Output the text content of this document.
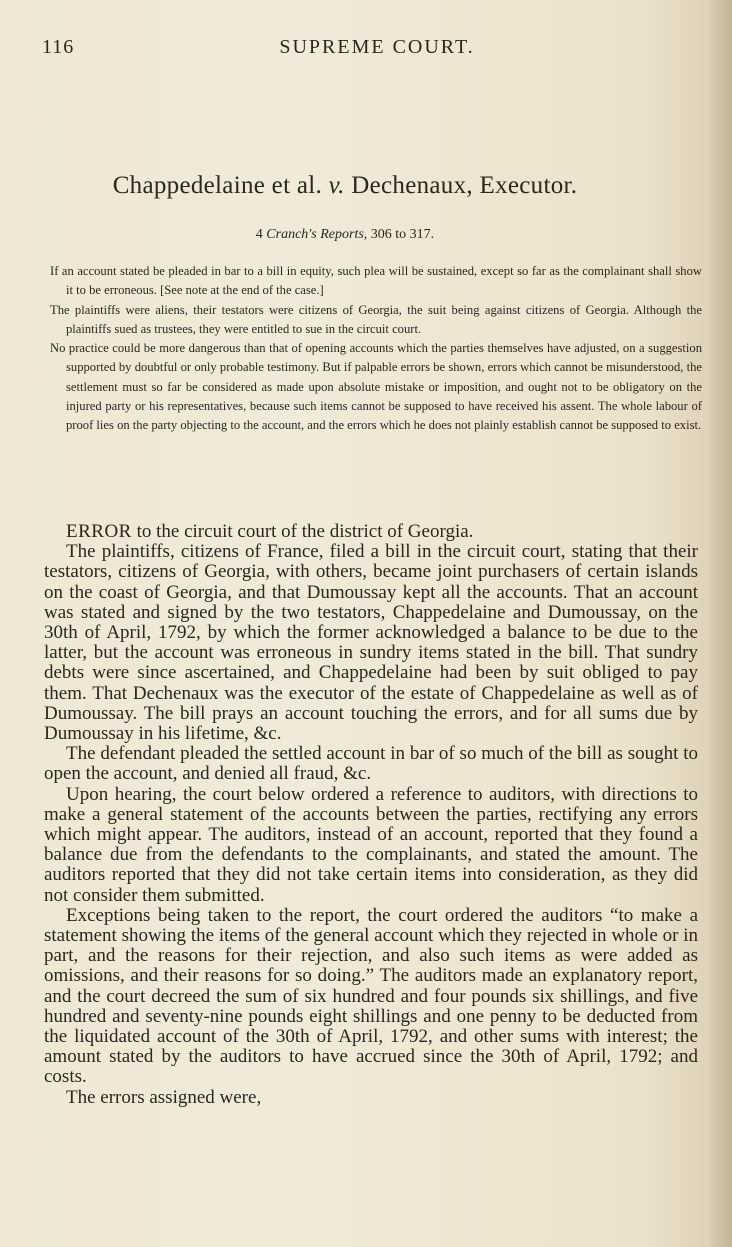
116	SUPREME COURT.
Chappedelaine et al. v. Dechenaux, Executor.
4 Cranch's Reports, 306 to 317.

If an account stated be pleaded in bar to a bill in equity, such plea will be sustained, except so far as the complainant shall show it to be erroneous. [See note at the end of the case.]

The plaintiffs were aliens, their testators were citizens of Georgia, the suit being against citizens of Georgia. Although the plaintiffs sued as trustees, they were entitled to sue in the circuit court.

No practice could be more dangerous than that of opening accounts which the parties themselves have adjusted, on a suggestion supported by doubtful or only probable testimony. But if palpable errors be shown, errors which cannot be misunderstood, the settlement must so far be considered as made upon absolute mistake or imposition, and ought not to be obligatory on the injured party or his representatives, because such items cannot be supposed to have received his assent. The whole labour of proof lies on the party objecting to the account, and the errors which he does not plainly establish cannot be supposed to exist.

ERROR to the circuit court of the district of Georgia.

The plaintiffs, citizens of France, filed a bill in the circuit court, stating that their testators, citizens of Georgia, with others, became joint purchasers of certain islands on the coast of Georgia, and that Dumoussay kept all the accounts. That an account was stated and signed by the two testators, Chappedelaine and Dumoussay, on the 30th of April, 1792, by which the former acknowledged a balance to be due to the latter, but the account was erroneous in sundry items stated in the bill. That sundry debts were since ascertained, and Chappedelaine had been by suit obliged to pay them. That Dechenaux was the executor of the estate of Chappedelaine as well as of Dumoussay. The bill prays an account touching the errors, and for all sums due by Dumoussay in his lifetime, &c.

The defendant pleaded the settled account in bar of so much of the bill as sought to open the account, and denied all fraud, &c.

Upon hearing, the court below ordered a reference to auditors, with directions to make a general statement of the accounts between the parties, rectifying any errors which might appear. The auditors, instead of an account, reported that they found a balance due from the defendants to the complainants, and stated the amount. The auditors reported that they did not take certain items into consideration, as they did not consider them submitted.

Exceptions being taken to the report, the court ordered the auditors “to make a statement showing the items of the general account which they rejected in whole or in part, and the reasons for their rejection, and also such items as were added as omissions, and their reasons for so doing.” The auditors made an explanatory report, and the court decreed the sum of six hundred and four pounds six shillings, and five hundred and seventy-nine pounds eight shillings and one penny to be deducted from the liquidated account of the 30th of April, 1792, and other sums with interest; the amount stated by the auditors to have accrued since the 30th of April, 1792; and costs.

The errors assigned were,
